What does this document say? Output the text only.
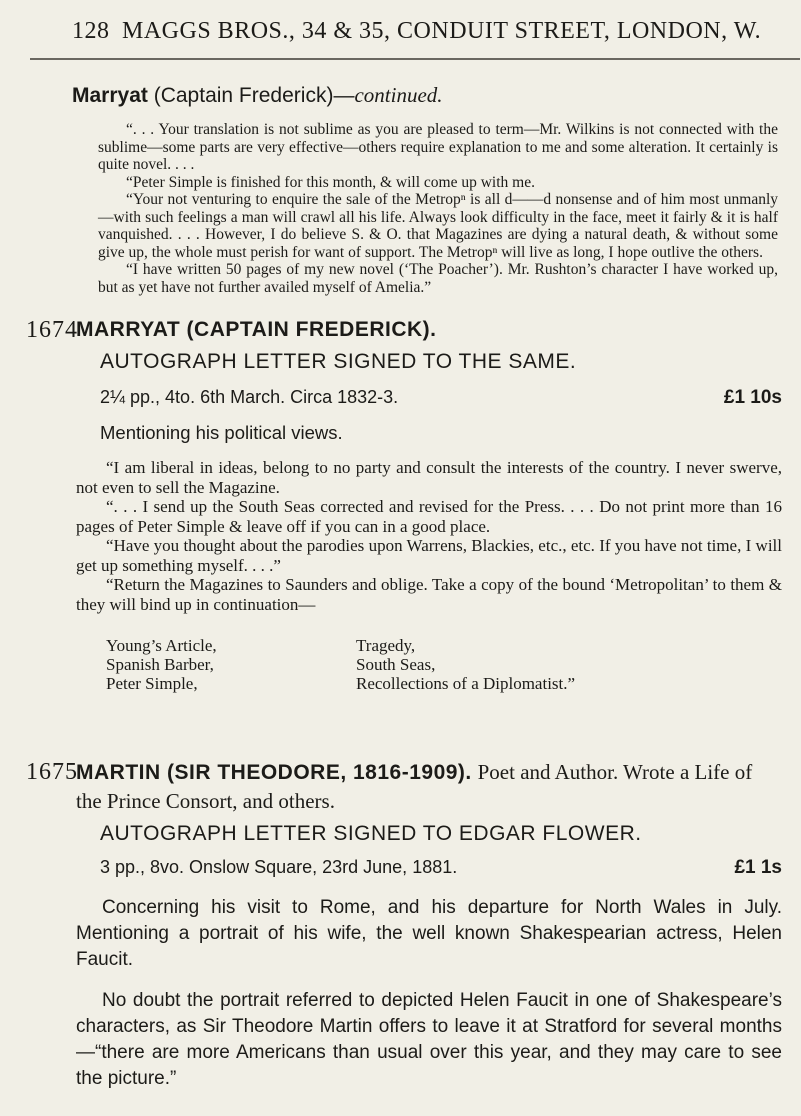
128 MAGGS BROS., 34 & 35, CONDUIT STREET, LONDON, W.
Marryat (Captain Frederick)—continued.

“. . . Your translation is not sublime as you are pleased to term—Mr. Wilkins is not connected with the sublime—some parts are very effective—others require explanation to me and some alteration. It certainly is quite novel. . . .

“Peter Simple is finished for this month, & will come up with me.

“Your not venturing to enquire the sale of the Metropⁿ is all d——d nonsense and of him most unmanly—with such feelings a man will crawl all his life. Always look difficulty in the face, meet it fairly & it is half vanquished. . . . However, I do believe S. & O. that Magazines are dying a natural death, & without some give up, the whole must perish for want of support. The Metropⁿ will live as long, I hope outlive the others.

“I have written 50 pages of my new novel (‘The Poacher’). Mr. Rushton’s character I have worked up, but as yet have not further availed myself of Amelia.”

1674
MARRYAT (CAPTAIN FREDERICK).
AUTOGRAPH LETTER SIGNED TO THE SAME.
2¼ pp., 4to. 6th March. Circa 1832-3.	£1 10s
Mentioning his political views.

“I am liberal in ideas, belong to no party and consult the interests of the country. I never swerve, not even to sell the Magazine.

“. . . I send up the South Seas corrected and revised for the Press. . . . Do not print more than 16 pages of Peter Simple & leave off if you can in a good place.

“Have you thought about the parodies upon Warrens, Blackies, etc., etc. If you have not time, I will get up something myself. . . .”

“Return the Magazines to Saunders and oblige. Take a copy of the bound ‘Metropolitan’ to them & they will bind up in continuation—

Young’s Article,	Tragedy,
Spanish Barber,	South Seas,
Peter Simple,	Recollections of a Diplomatist.”
1675
MARTIN (SIR THEODORE, 1816-1909). Poet and Author. Wrote a Life of the Prince Consort, and others.
AUTOGRAPH LETTER SIGNED TO EDGAR FLOWER.
3 pp., 8vo. Onslow Square, 23rd June, 1881.	£1 1s

Concerning his visit to Rome, and his departure for North Wales in July. Mentioning a portrait of his wife, the well known Shakespearian actress, Helen Faucit.

No doubt the portrait referred to depicted Helen Faucit in one of Shakespeare’s characters, as Sir Theodore Martin offers to leave it at Stratford for several months—“there are more Americans than usual over this year, and they may care to see the picture.”
